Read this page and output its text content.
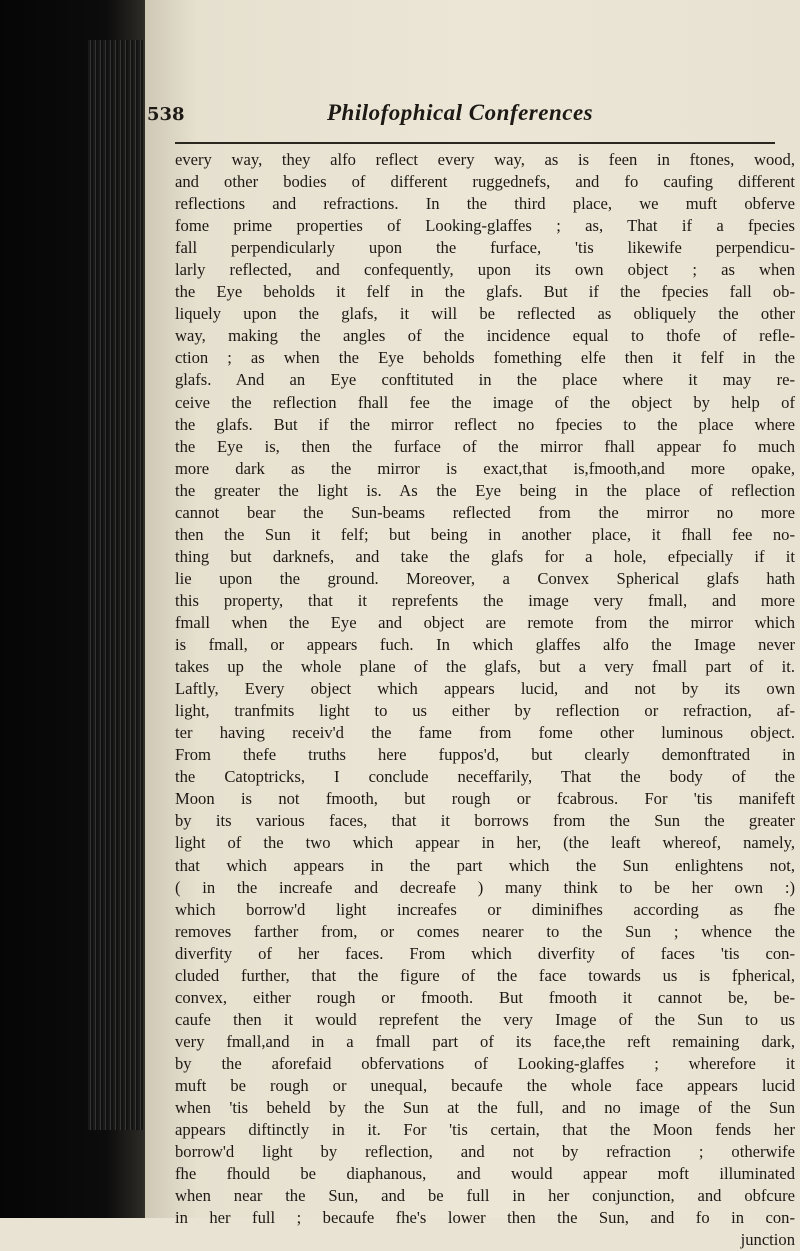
538	Philofophical Conferences
every way, they alfo reflect every way, as is feen in ftones, wood,
and other bodies of different ruggednefs, and fo caufing different
reflections and refractions. In the third place, we muft obferve
fome prime properties of Looking-glaffes ; as, That if a fpecies
fall perpendicularly upon the furface, 'tis likewife perpendicu-
larly reflected, and confequently, upon its own object ; as when
the Eye beholds it felf in the glafs. But if the fpecies fall ob-
liquely upon the glafs, it will be reflected as obliquely the other
way, making the angles of the incidence equal to thofe of refle-
ction ; as when the Eye beholds fomething elfe then it felf in the
glafs. And an Eye conftituted in the place where it may re-
ceive the reflection fhall fee the image of the object by help of
the glafs. But if the mirror reflect no fpecies to the place where
the Eye is, then the furface of the mirror fhall appear fo much
more dark as the mirror is exact,that is,fmooth,and more opake,
the greater the light is. As the Eye being in the place of reflection
cannot bear the Sun-beams reflected from the mirror no more
then the Sun it felf; but being in another place, it fhall fee no-
thing but darknefs, and take the glafs for a hole, efpecially if it
lie upon the ground. Moreover, a Convex Spherical glafs hath
this property, that it reprefents the image very fmall, and more
fmall when the Eye and object are remote from the mirror which
is fmall, or appears fuch. In which glaffes alfo the Image never
takes up the whole plane of the glafs, but a very fmall part of it.
Laftly, Every object which appears lucid, and not by its own
light, tranfmits light to us either by reflection or refraction, af-
ter having receiv'd the fame from fome other luminous object.
From thefe truths here fuppos'd, but clearly demonftrated in
the Catoptricks, I conclude neceffarily, That the body of the
Moon is not fmooth, but rough or fcabrous. For 'tis manifeft
by its various faces, that it borrows from the Sun the greater
light of the two which appear in her, (the leaft whereof, namely,
that which appears in the part which the Sun enlightens not,
( in the increafe and decreafe ) many think to be her own :)
which borrow'd light increafes or diminifhes according as fhe
removes farther from, or comes nearer to the Sun ; whence the
diverfity of her faces. From which diverfity of faces 'tis con-
cluded further, that the figure of the face towards us is fpherical,
convex, either rough or fmooth. But fmooth it cannot be, be-
caufe then it would reprefent the very Image of the Sun to us
very fmall,and in a fmall part of its face,the reft remaining dark,
by the aforefaid obfervations of Looking-glaffes ; wherefore it
muft be rough or unequal, becaufe the whole face appears lucid
when 'tis beheld by the Sun at the full, and no image of the Sun
appears diftinctly in it. For 'tis certain, that the Moon fends her
borrow'd light by reflection, and not by refraction ; otherwife
fhe fhould be diaphanous, and would appear moft illuminated
when near the Sun, and be full in her conjunction, and obfcure
in her full ; becaufe fhe's lower then the Sun, and fo in con-
junction
